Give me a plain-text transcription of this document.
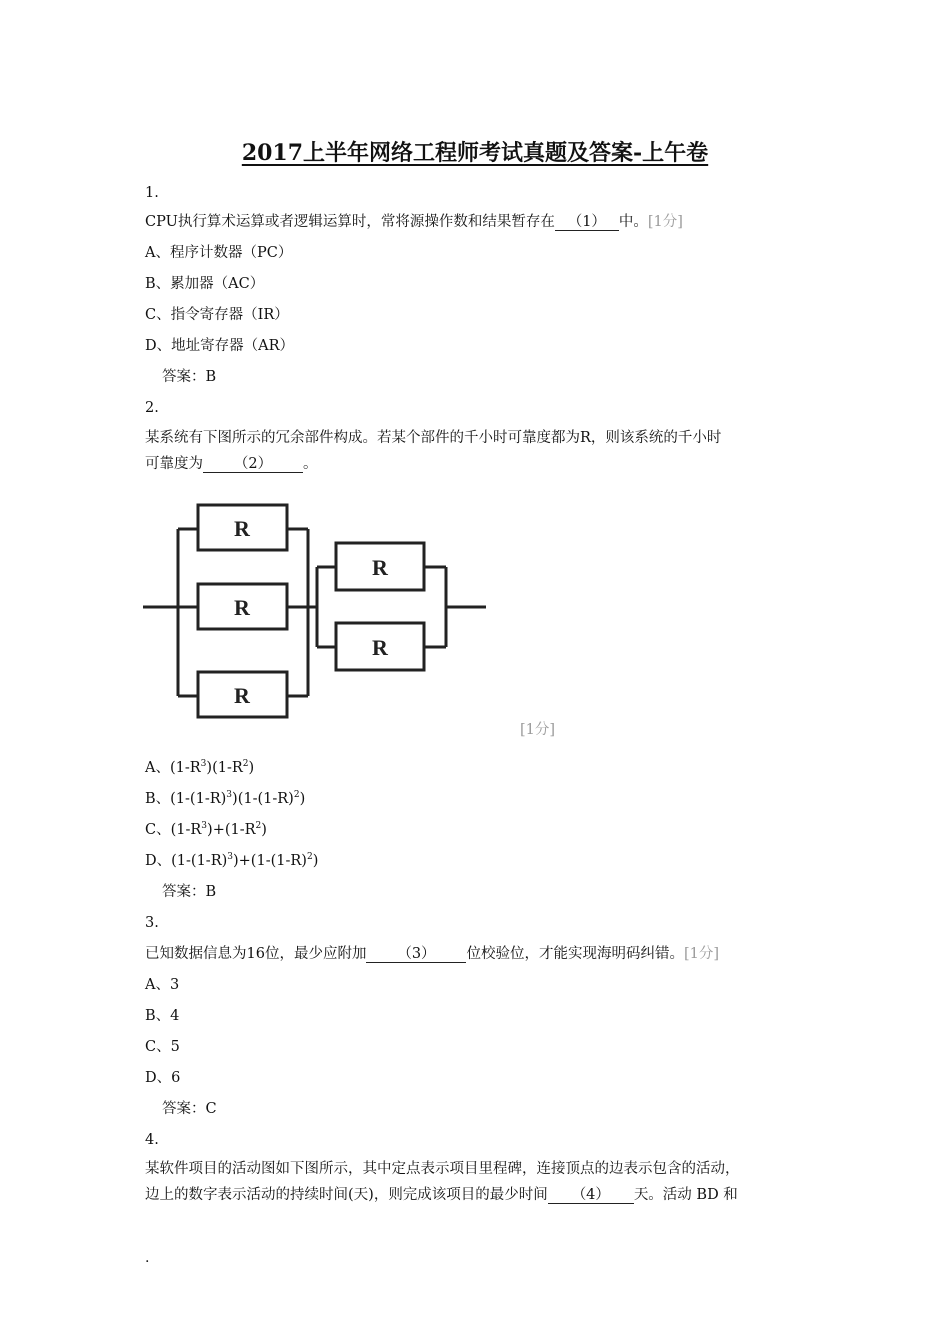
2017上半年网络工程师考试真题及答案-上午卷
1.
CPU执行算术运算或者逻辑运算时，常将源操作数和结果暂存在 （1） 中。[1分]
A、程序计数器（PC）
B、累加器（AC）
C、指令寄存器（IR）
D、地址寄存器（AR）
答案：B
2.
某系统有下图所示的冗余部件构成。若某个部件的千小时可靠度都为R，则该系统的千小时
可靠度为 （2） 。
R
R
R
R
R
[1分]
A、$(1-R^3)(1-R^2)$
B、$(1-(1-R)^3)(1-(1-R)^2)$
C、$(1-R^3)+(1-R^2)$
D、$(1-(1-R)^3)+(1-(1-R)^2)$
答案：B
3.
已知数据信息为16位，最少应附加 （3） 位校验位，才能实现海明码纠错。[1分]
A、3
B、4
C、5
D、6
答案：C
4.
某软件项目的活动图如下图所示，其中定点表示项目里程碑，连接顶点的边表示包含的活动，
边上的数字表示活动的持续时间(天)，则完成该项目的最少时间 （4） 天。活动 BD 和
.
